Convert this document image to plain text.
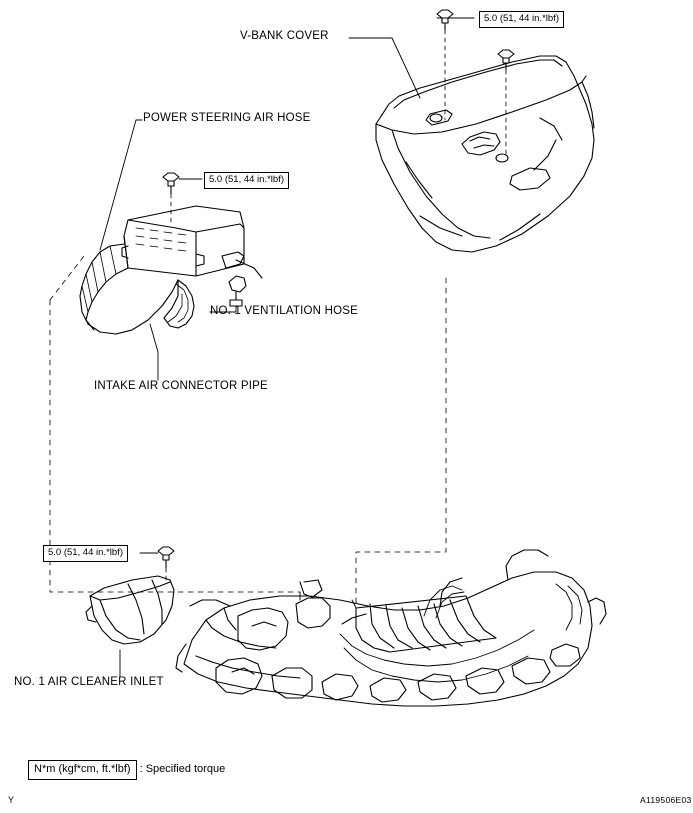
V-BANK COVER
POWER STEERING AIR HOSE
NO. 1 VENTILATION HOSE
INTAKE AIR CONNECTOR PIPE
NO. 1 AIR CLEANER INLET
5.0 (51, 44 in.*lbf)
5.0 (51, 44 in.*lbf)
5.0 (51, 44 in.*lbf)
N*m (kgf*cm, ft.*lbf) : Specified torque
Y	A119506E03
